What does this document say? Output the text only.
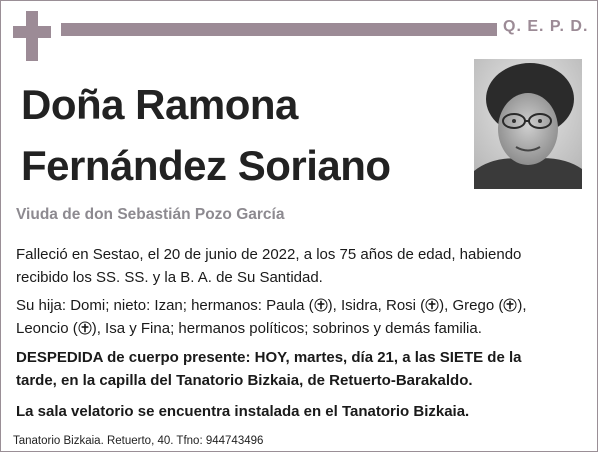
Q. E. P. D.
Doña Ramona
Fernández Soriano
Viuda de don Sebastián Pozo García
Falleció en Sestao, el 20 de junio de 2022, a los 75 años de edad, habiendo
recibido los SS. SS. y la B. A. de Su Santidad.
Su hija: Domi; nieto: Izan; hermanos: Paula ( ), Isidra, Rosi ( ), Grego ( ),
Leoncio ( ), Isa y Fina; hermanos políticos; sobrinos y demás familia.
DESPEDIDA de cuerpo presente: HOY, martes, día 21, a las SIETE de la
tarde, en la capilla del Tanatorio Bizkaia, de Retuerto-Barakaldo.
La sala velatorio se encuentra instalada en el Tanatorio Bizkaia.
Tanatorio Bizkaia. Retuerto, 40. Tfno: 944743496
